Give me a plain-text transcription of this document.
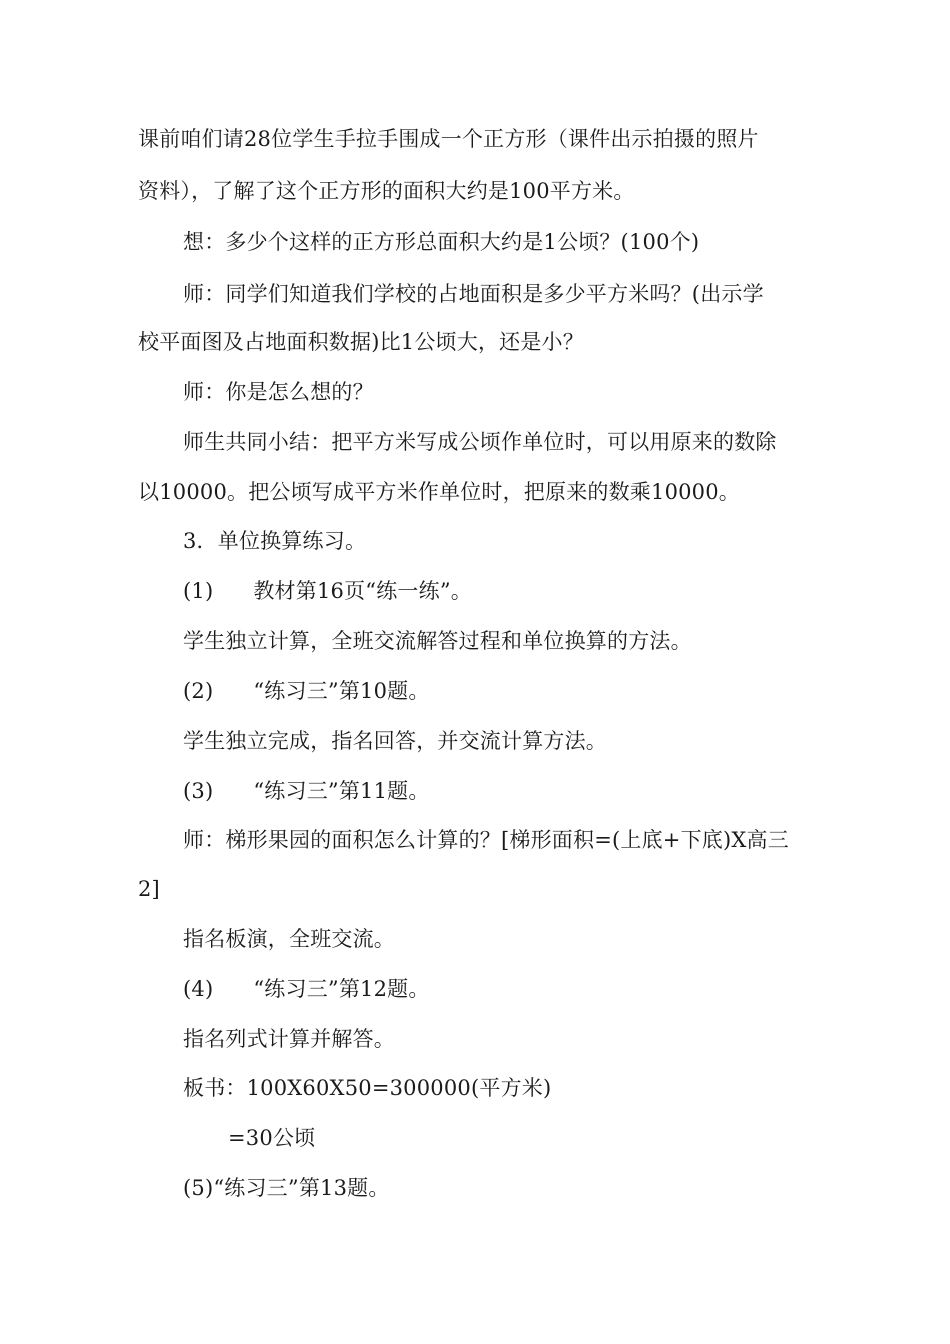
课前咱们请28位学生手拉手围成一个正方形（课件出示拍摄的照片
资料），了解了这个正方形的面积大约是100平方米。
想：多少个这样的正方形总面积大约是1公顷？(100个)
师：同学们知道我们学校的占地面积是多少平方米吗？(出示学
校平面图及占地面积数据)比1公顷大，还是小？
师：你是怎么想的？
师生共同小结：把平方米写成公顷作单位时，可以用原来的数除
以10000。把公顷写成平方米作单位时，把原来的数乘10000。
3．单位换算练习。
(1) 教材第16页“练一练”。
学生独立计算，全班交流解答过程和单位换算的方法。
(2) “练习三”第10题。
学生独立完成，指名回答，并交流计算方法。
(3) “练习三”第11题。
师：梯形果园的面积怎么计算的？[梯形面积=(上底+下底)X高三
2]
指名板演，全班交流。
(4) “练习三”第12题。
指名列式计算并解答。
板书：100X60X50=300000(平方米)
=30公顷
(5)“练习三”第13题。
